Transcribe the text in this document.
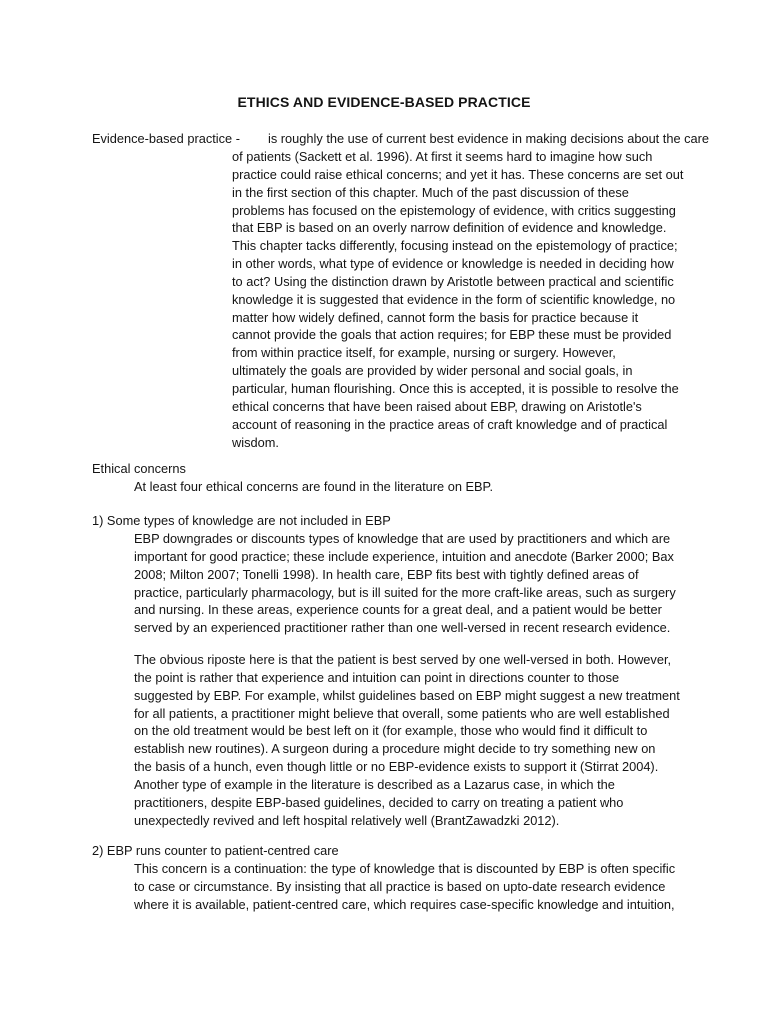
ETHICS AND EVIDENCE-BASED PRACTICE
Evidence-based practice - is roughly the use of current best evidence in making decisions about the care
of patients (Sackett et al. 1996). At first it seems hard to imagine how such
practice could raise ethical concerns; and yet it has. These concerns are set out
in the first section of this chapter. Much of the past discussion of these
problems has focused on the epistemology of evidence, with critics suggesting
that EBP is based on an overly narrow definition of evidence and knowledge.
This chapter tacks differently, focusing instead on the epistemology of practice;
in other words, what type of evidence or knowledge is needed in deciding how
to act? Using the distinction drawn by Aristotle between practical and scientific
knowledge it is suggested that evidence in the form of scientific knowledge, no
matter how widely defined, cannot form the basis for practice because it
cannot provide the goals that action requires; for EBP these must be provided
from within practice itself, for example, nursing or surgery. However,
ultimately the goals are provided by wider personal and social goals, in
particular, human flourishing. Once this is accepted, it is possible to resolve the
ethical concerns that have been raised about EBP, drawing on Aristotle's
account of reasoning in the practice areas of craft knowledge and of practical
wisdom.
Ethical concerns
At least four ethical concerns are found in the literature on EBP.
1) Some types of knowledge are not included in EBP
EBP downgrades or discounts types of knowledge that are used by practitioners and which are
important for good practice; these include experience, intuition and anecdote (Barker 2000; Bax
2008; Milton 2007; Tonelli 1998). In health care, EBP fits best with tightly defined areas of
practice, particularly pharmacology, but is ill suited for the more craft-like areas, such as surgery
and nursing. In these areas, experience counts for a great deal, and a patient would be better
served by an experienced practitioner rather than one well-versed in recent research evidence.
The obvious riposte here is that the patient is best served by one well-versed in both. However,
the point is rather that experience and intuition can point in directions counter to those
suggested by EBP. For example, whilst guidelines based on EBP might suggest a new treatment
for all patients, a practitioner might believe that overall, some patients who are well established
on the old treatment would be best left on it (for example, those who would find it difficult to
establish new routines). A surgeon during a procedure might decide to try something new on
the basis of a hunch, even though little or no EBP-evidence exists to support it (Stirrat 2004).
Another type of example in the literature is described as a Lazarus case, in which the
practitioners, despite EBP-based guidelines, decided to carry on treating a patient who
unexpectedly revived and left hospital relatively well (BrantZawadzki 2012).
2) EBP runs counter to patient-centred care
This concern is a continuation: the type of knowledge that is discounted by EBP is often specific
to case or circumstance. By insisting that all practice is based on upto-date research evidence
where it is available, patient-centred care, which requires case-specific knowledge and intuition,
